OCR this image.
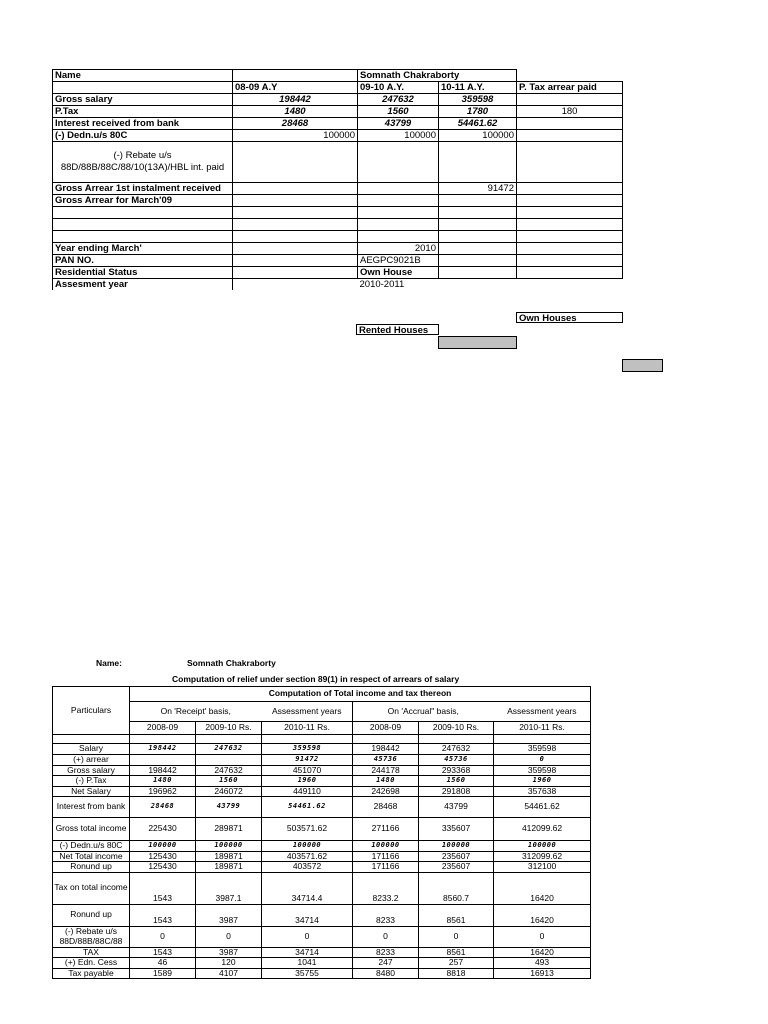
Name		Somnath Chakraborty		
	08-09 A.Y	09-10 A.Y.	10-11 A.Y.	P. Tax arrear paid
Gross salary	198442	247632	359598	
P.Tax	1480	1560	1780	180
Interest received from bank	28468	43799	54461.62	
(-) Dedn.u/s 80C	100000	100000	100000	
(-) Rebate u/s
88D/88B/88C/88/10(13A)/HBL int. paid				
Gross Arrear 1st instalment received			91472	
Gross Arrear for March'09				

Year ending March'		2010		
PAN NO.		AEGPC9021B		
Residential Status		Own House		
Assesment year		2010-2011		
Own Houses
Rented Houses
Name:	Somnath Chakraborty
Computation of relief under section 89(1) in respect of arrears of salary
Particulars	Computation of Total income and tax thereon					
	On 'Receipt' basis,		Assessment years	On 'Accrual" basis,		Assessment years
	2008-09	2009-10 Rs.	2010-11 Rs.	2008-09	2009-10 Rs.	2010-11 Rs.

Salary	198442	247632	359598	198442	247632	359598
(+) arrear			91472	45736	45736	0
Gross salary	198442	247632	451070	244178	293368	359598
(-) P.Tax	1480	1560	1960	1480	1560	1960
Net Salary	196962	246072	449110	242698	291808	357638
Interest from bank	28468	43799	54461.62	28468	43799	54461.62
Gross total income	225430	289871	503571.62	271166	335607	412099.62
(-) Dedn.u/s 80C	100000	100000	100000	100000	100000	100000
Net Total income	125430	189871	403571.62	171166	235607	312099.62
Ronund up	125430	189871	403572	171166	235607	312100
Tax on total income	1543	3987.1	34714.4	8233.2	8560.7	16420
Ronund up	1543	3987	34714	8233	8561	16420
(-) Rebate u/s 88D/88B/88C/88	0	0	0	0	0	0
TAX	1543	3987	34714	8233	8561	16420
(+) Edn. Cess	46	120	1041	247	257	493
Tax payable	1589	4107	35755	8480	8818	16913
